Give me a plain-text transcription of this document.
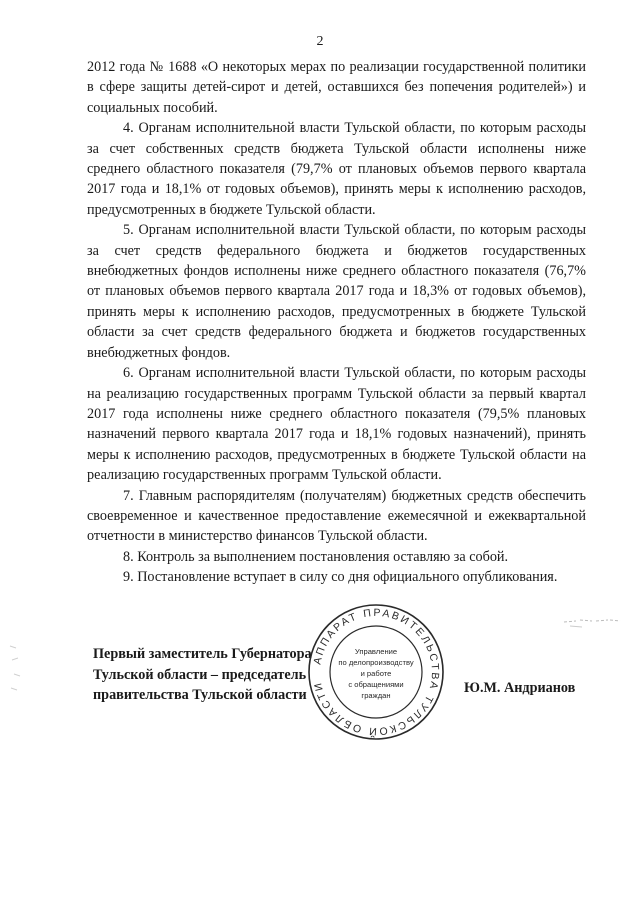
2

2012 года № 1688 «О некоторых мерах по реализации государственной политики в сфере защиты детей-сирот и детей, оставшихся без попечения родителей») и социальных пособий.

4. Органам исполнительной власти Тульской области, по которым расходы за счет собственных средств бюджета Тульской области исполнены ниже среднего областного показателя (79,7% от плановых объемов первого квартала 2017 года и 18,1% от годовых объемов), принять меры к исполнению расходов, предусмотренных в бюджете Тульской области.

5. Органам исполнительной власти Тульской области, по которым расходы за счет средств федерального бюджета и бюджетов государственных внебюджетных фондов исполнены ниже среднего областного показателя (76,7% от плановых объемов первого квартала 2017 года и 18,3% от годовых объемов), принять меры к исполнению расходов, предусмотренных в бюджете Тульской области за счет средств федерального бюджета и бюджетов государственных внебюджетных фондов.

6. Органам исполнительной власти Тульской области, по которым расходы на реализацию государственных программ Тульской области за первый квартал 2017 года исполнены ниже среднего областного показателя (79,5% плановых назначений первого квартала 2017 года и 18,1% годовых назначений), принять меры к исполнению расходов, предусмотренных в бюджете Тульской области на реализацию государственных программ Тульской области.

7. Главным распорядителям (получателям) бюджетных средств обеспечить своевременное и качественное предоставление ежемесячной и ежеквартальной отчетности в министерство финансов Тульской области.

8. Контроль за выполнением постановления оставляю за собой.

9. Постановление вступает в силу со дня официального опубликования.

Первый заместитель Губернатора
Тульской области – председатель
правительства Тульской области
АППАРАТ ПРАВИТЕЛЬСТВА ТУЛЬСКОЙ ОБЛАСТИ
Управление
по делопроизводству
и работе
с обращениями
граждан	Ю.М. Андрианов
